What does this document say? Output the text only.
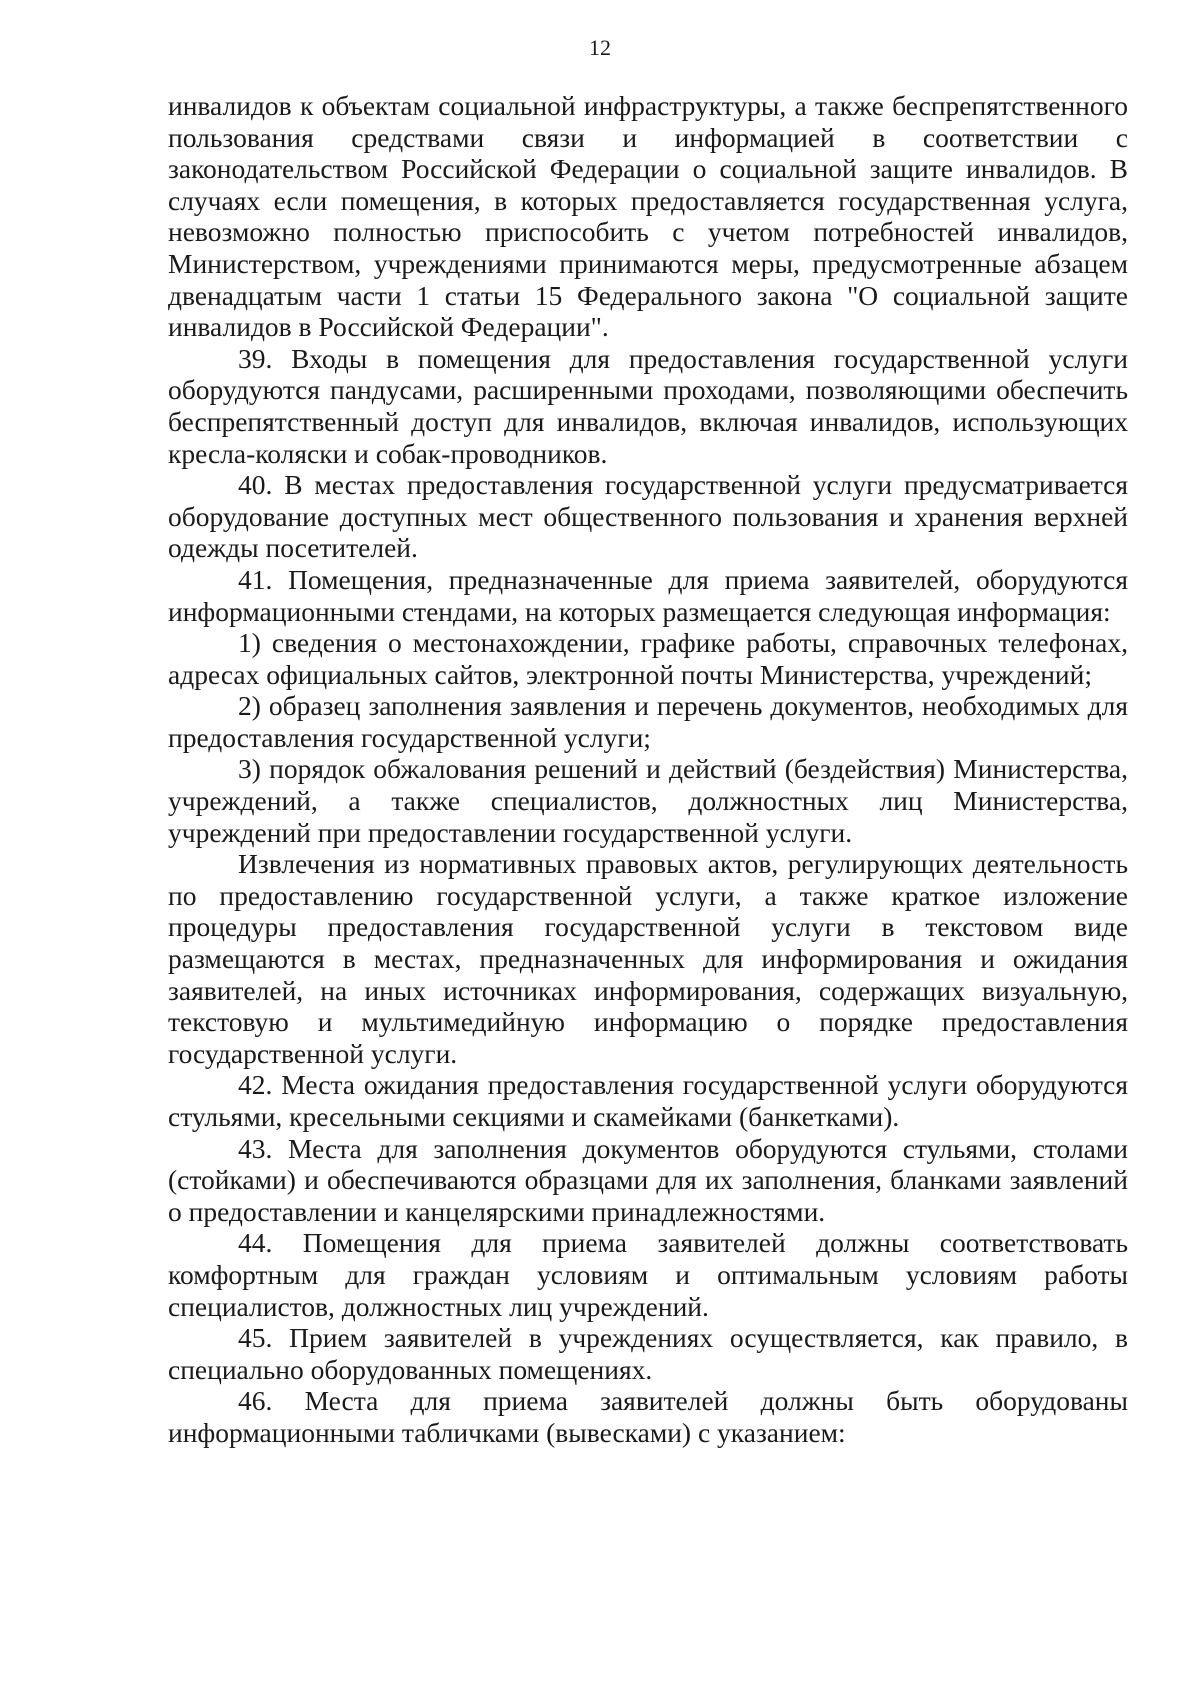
12

инвалидов к объектам социальной инфраструктуры, а также беспрепятственного пользования средствами связи и информацией в соответствии с законодательством Российской Федерации о социальной защите инвалидов. В случаях если помещения, в которых предоставляется государственная услуга, невозможно полностью приспособить с учетом потребностей инвалидов, Министерством, учреждениями принимаются меры, предусмотренные абзацем двенадцатым части 1 статьи 15 Федерального закона "О социальной защите инвалидов в Российской Федерации".

39. Входы в помещения для предоставления государственной услуги оборудуются пандусами, расширенными проходами, позволяющими обеспечить беспрепятственный доступ для инвалидов, включая инвалидов, использующих кресла-коляски и собак-проводников.

40. В местах предоставления государственной услуги предусматривается оборудование доступных мест общественного пользования и хранения верхней одежды посетителей.

41. Помещения, предназначенные для приема заявителей, оборудуются информационными стендами, на которых размещается следующая информация:

1) сведения о местонахождении, графике работы, справочных телефонах, адресах официальных сайтов, электронной почты Министерства, учреждений;

2) образец заполнения заявления и перечень документов, необходимых для предоставления государственной услуги;

3) порядок обжалования решений и действий (бездействия) Министерства, учреждений, а также специалистов, должностных лиц Министерства, учреждений при предоставлении государственной услуги.

Извлечения из нормативных правовых актов, регулирующих деятельность по предоставлению государственной услуги, а также краткое изложение процедуры предоставления государственной услуги в текстовом виде размещаются в местах, предназначенных для информирования и ожидания заявителей, на иных источниках информирования, содержащих визуальную, текстовую и мультимедийную информацию о порядке предоставления государственной услуги.

42. Места ожидания предоставления государственной услуги оборудуются стульями, кресельными секциями и скамейками (банкетками).

43. Места для заполнения документов оборудуются стульями, столами (стойками) и обеспечиваются образцами для их заполнения, бланками заявлений о предоставлении и канцелярскими принадлежностями.

44. Помещения для приема заявителей должны соответствовать комфортным для граждан условиям и оптимальным условиям работы специалистов, должностных лиц учреждений.

45. Прием заявителей в учреждениях осуществляется, как правило, в специально оборудованных помещениях.

46. Места для приема заявителей должны быть оборудованы информационными табличками (вывесками) с указанием:
